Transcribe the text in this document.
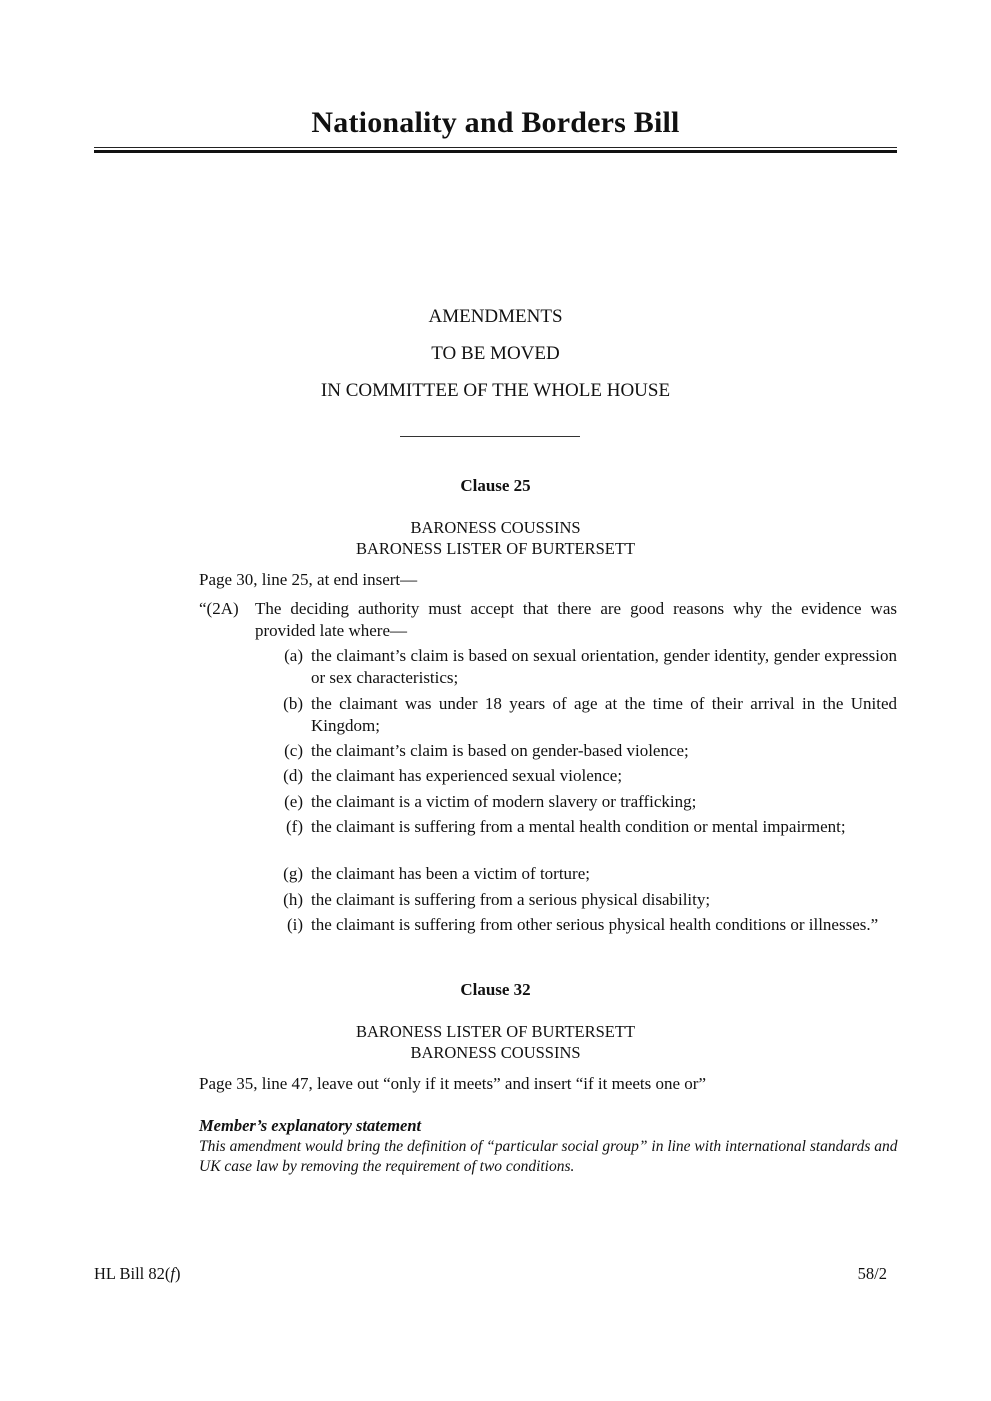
Nationality and Borders Bill
AMENDMENTS
TO BE MOVED
IN COMMITTEE OF THE WHOLE HOUSE
Clause 25
BARONESS COUSSINS
BARONESS LISTER OF BURTERSETT
Page 30, line 25, at end insert—
“(2A) The deciding authority must accept that there are good reasons why the evidence was provided late where—
(a) the claimant’s claim is based on sexual orientation, gender identity, gender expression or sex characteristics;
(b) the claimant was under 18 years of age at the time of their arrival in the United Kingdom;
(c) the claimant’s claim is based on gender-based violence;
(d) the claimant has experienced sexual violence;
(e) the claimant is a victim of modern slavery or trafficking;
(f) the claimant is suffering from a mental health condition or mental impairment;
(g) the claimant has been a victim of torture;
(h) the claimant is suffering from a serious physical disability;
(i) the claimant is suffering from other serious physical health conditions or illnesses.”
Clause 32
BARONESS LISTER OF BURTERSETT
BARONESS COUSSINS
Page 35, line 47, leave out “only if it meets” and insert “if it meets one or”
Member’s explanatory statement
This amendment would bring the definition of “particular social group” in line with international standards and UK case law by removing the requirement of two conditions.
HL Bill 82(f)	58/2
